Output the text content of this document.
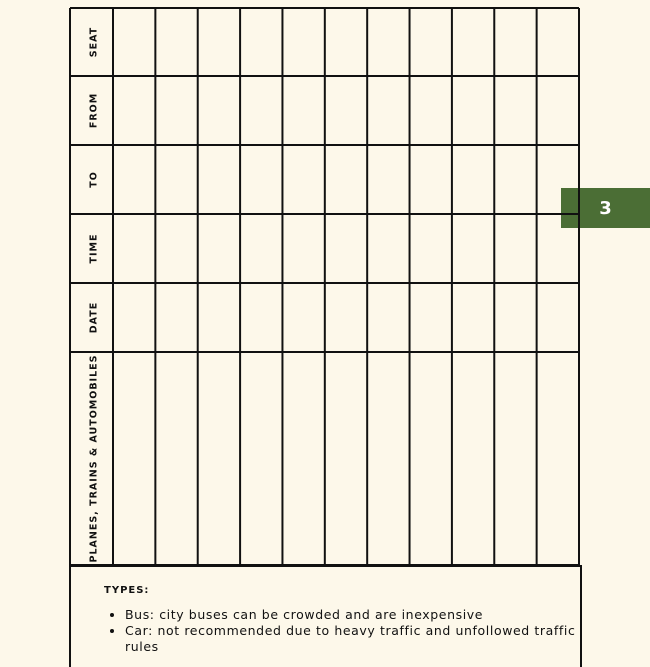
3
SEAT
FROM
TO
TIME
DATE
PLANES, TRAINS & AUTOMOBILES
TYPES:
• Bus: city buses can be crowded and are inexpensive
• Car: not recommended due to heavy traffic and unfollowed traffic rules
